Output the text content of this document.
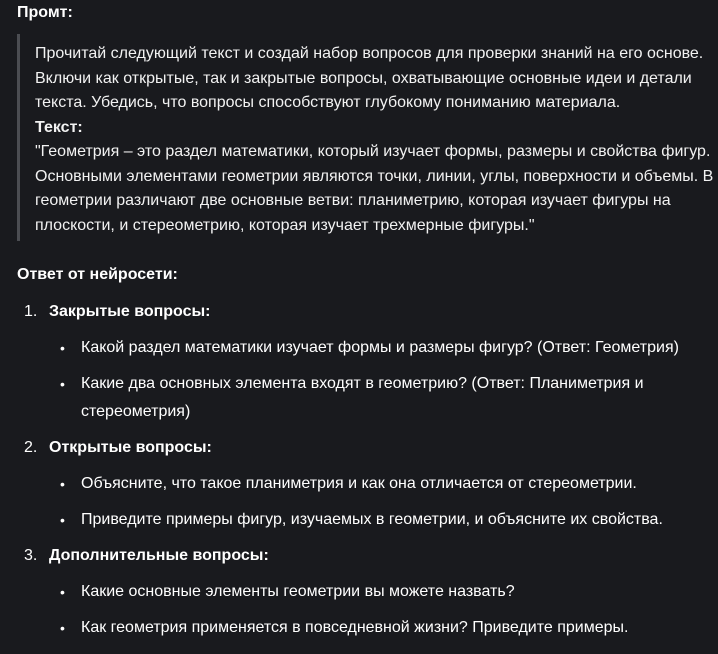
Промт:

Прочитай следующий текст и создай набор вопросов для проверки знаний на его основе.

Включи как открытые, так и закрытые вопросы, охватывающие основные идеи и детали

текста. Убедись, что вопросы способствуют глубокому пониманию материала.

Текст:

"Геометрия – это раздел математики, который изучает формы, размеры и свойства фигур.

Основными элементами геометрии являются точки, линии, углы, поверхности и объемы. В

геометрии различают две основные ветви: планиметрию, которая изучает фигуры на

плоскости, и стереометрию, которая изучает трехмерные фигуры."

Ответ от нейросети:
1. Закрытые вопросы:
•	Какой раздел математики изучает формы и размеры фигур? (Ответ: Геометрия)
•	Какие два основных элемента входят в геометрию? (Ответ: Планиметрия и
стереометрия)
2. Открытые вопросы:
•	Объясните, что такое планиметрия и как она отличается от стереометрии.
•	Приведите примеры фигур, изучаемых в геометрии, и объясните их свойства.
3. Дополнительные вопросы:
•	Какие основные элементы геометрии вы можете назвать?
•	Как геометрия применяется в повседневной жизни? Приведите примеры.
